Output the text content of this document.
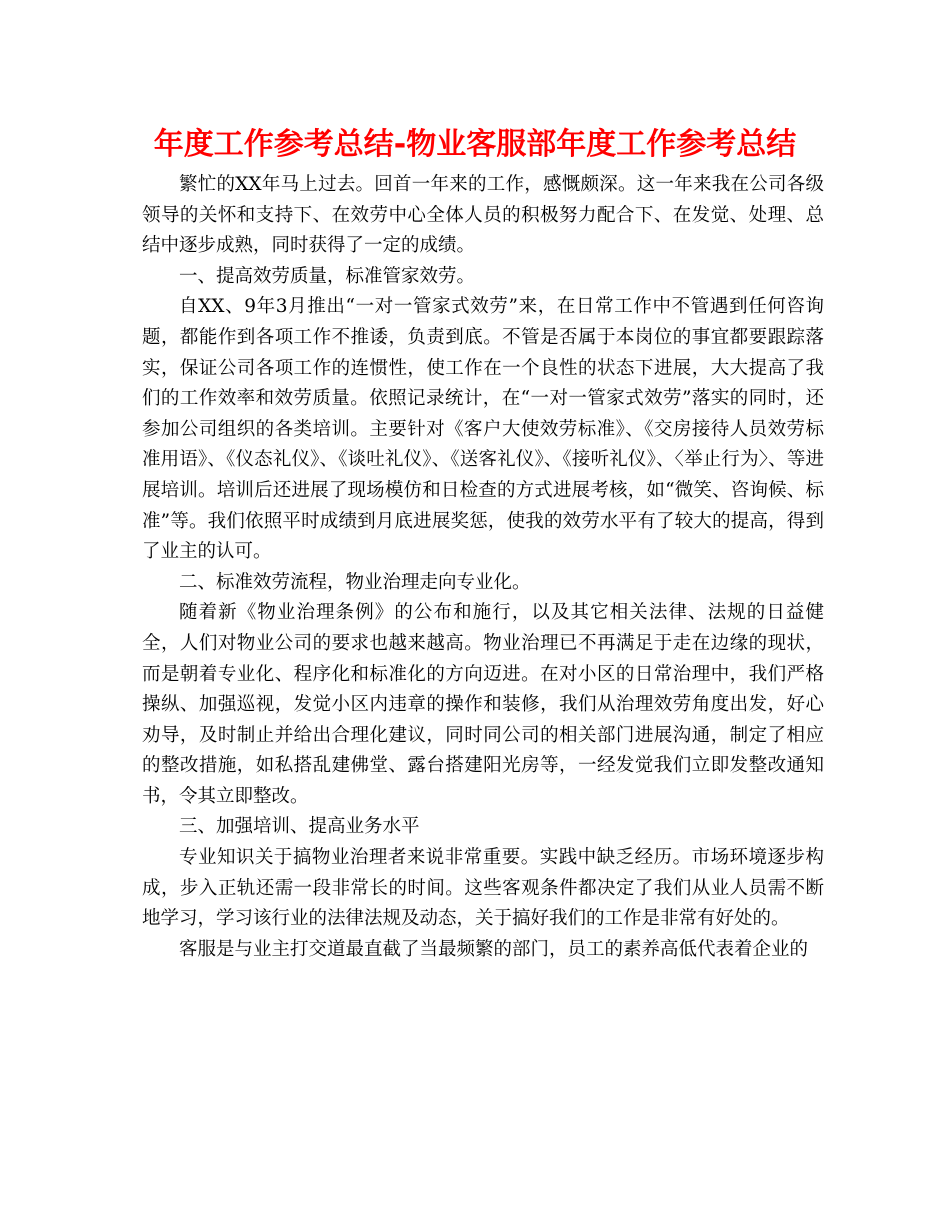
年度工作参考总结-物业客服部年度工作参考总结

繁忙的XX年马上过去。回首一年来的工作，感慨颇深。这一年来我在公司各级领导的关怀和支持下、在效劳中心全体人员的积极努力配合下、在发觉、处理、总结中逐步成熟，同时获得了一定的成绩。

一、提高效劳质量，标准管家效劳。

自XX、9年3月推出“一对一管家式效劳”来，在日常工作中不管遇到任何咨询题，都能作到各项工作不推诿，负责到底。不管是否属于本岗位的事宜都要跟踪落实，保证公司各项工作的连惯性，使工作在一个良性的状态下进展，大大提高了我们的工作效率和效劳质量。依照记录统计，在“一对一管家式效劳”落实的同时，还参加公司组织的各类培训。主要针对《客户大使效劳标准》、《交房接待人员效劳标准用语》、《仪态礼仪》、《谈吐礼仪》、《送客礼仪》、《接听礼仪》、〈举止行为〉、等进展培训。培训后还进展了现场模仿和日检查的方式进展考核，如“微笑、咨询候、标准”等。我们依照平时成绩到月底进展奖惩，使我的效劳水平有了较大的提高，得到了业主的认可。

二、标准效劳流程，物业治理走向专业化。

随着新《物业治理条例》的公布和施行，以及其它相关法律、法规的日益健全，人们对物业公司的要求也越来越高。物业治理已不再满足于走在边缘的现状，而是朝着专业化、程序化和标准化的方向迈进。在对小区的日常治理中，我们严格操纵、加强巡视，发觉小区内违章的操作和装修，我们从治理效劳角度出发，好心劝导，及时制止并给出合理化建议，同时同公司的相关部门进展沟通，制定了相应的整改措施，如私搭乱建佛堂、露台搭建阳光房等，一经发觉我们立即发整改通知书，令其立即整改。

三、加强培训、提高业务水平

专业知识关于搞物业治理者来说非常重要。实践中缺乏经历。市场环境逐步构成，步入正轨还需一段非常长的时间。这些客观条件都决定了我们从业人员需不断地学习，学习该行业的法律法规及动态，关于搞好我们的工作是非常有好处的。

客服是与业主打交道最直截了当最频繁的部门，员工的素养高低代表着企业的
